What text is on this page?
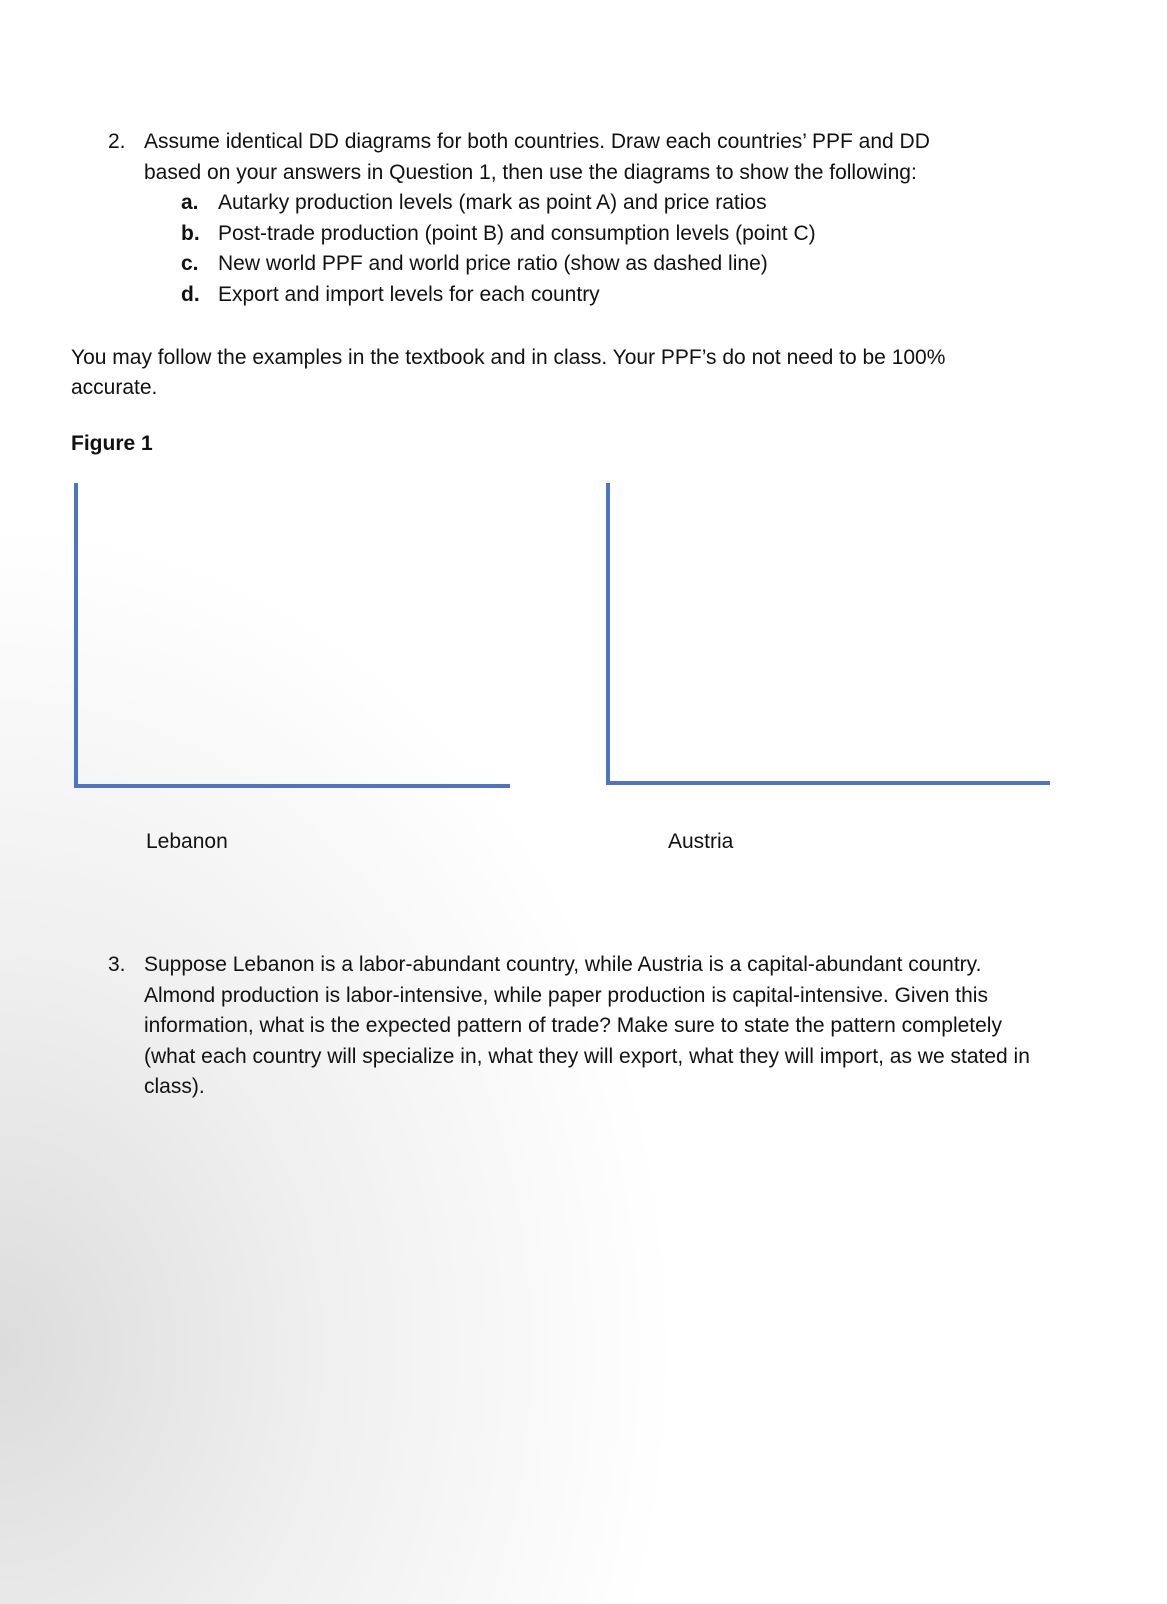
2. Assume identical DD diagrams for both countries. Draw each countries’ PPF and DD based on your answers in Question 1, then use the diagrams to show the following:
a. Autarky production levels (mark as point A) and price ratios
b. Post-trade production (point B) and consumption levels (point C)
c. New world PPF and world price ratio (show as dashed line)
d. Export and import levels for each country
You may follow the examples in the textbook and in class. Your PPF’s do not need to be 100% accurate.
Figure 1
Lebanon	Austria
3. Suppose Lebanon is a labor-abundant country, while Austria is a capital-abundant country. Almond production is labor-intensive, while paper production is capital-intensive. Given this information, what is the expected pattern of trade? Make sure to state the pattern completely (what each country will specialize in, what they will export, what they will import, as we stated in class).
